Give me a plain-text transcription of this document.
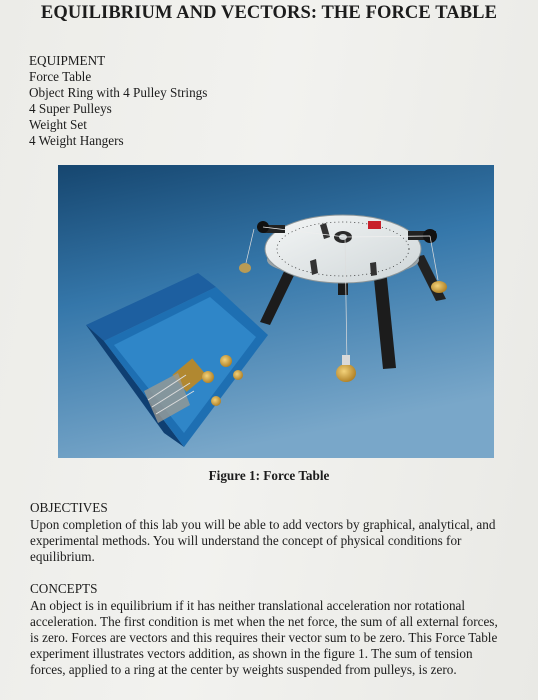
EQUILIBRIUM AND VECTORS: THE FORCE TABLE
EQUIPMENT
Force Table
Object Ring with 4 Pulley Strings
4 Super Pulleys
Weight Set
4 Weight Hangers
Figure 1: Force Table
OBJECTIVES
Upon completion of this lab you will be able to add vectors by graphical, analytical, and
experimental methods. You will understand the concept of physical conditions for
equilibrium.
CONCEPTS
An object is in equilibrium if it has neither translational acceleration nor rotational
acceleration. The first condition is met when the net force, the sum of all external forces,
is zero. Forces are vectors and this requires their vector sum to be zero. This Force Table
experiment illustrates vectors addition, as shown in the figure 1. The sum of tension
forces, applied to a ring at the center by weights suspended from pulleys, is zero.
